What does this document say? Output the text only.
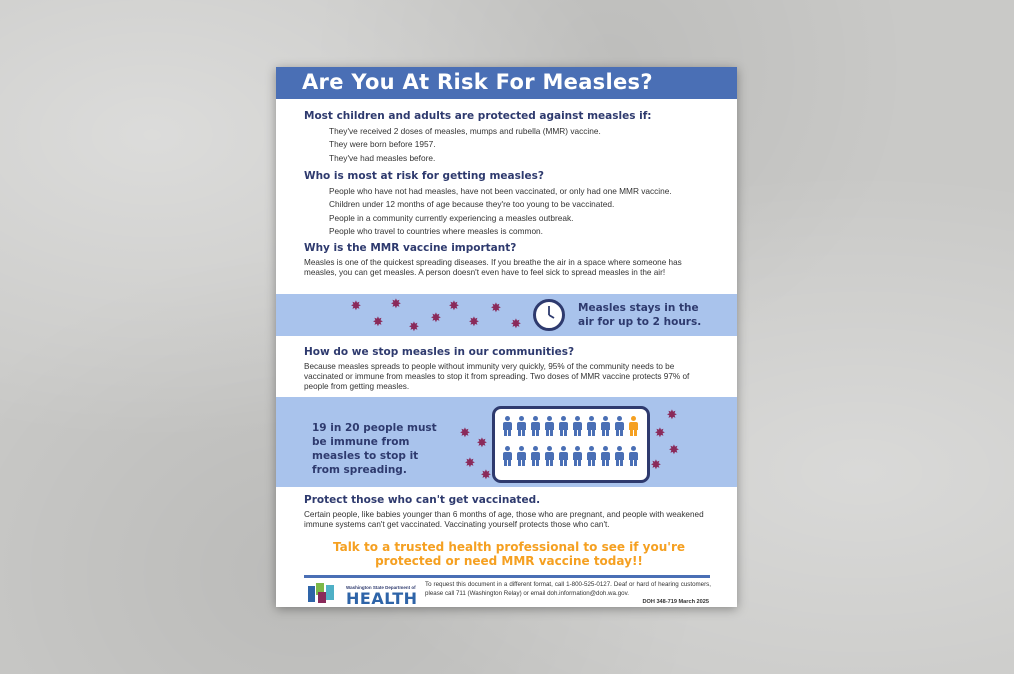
Are You At Risk For Measles?

Most children and adults are protected against measles if:

They've received 2 doses of measles, mumps and rubella (MMR) vaccine.
They were born before 1957.
They've had measles before.

Who is most at risk for getting measles?

People who have not had measles, have not been vaccinated, or only had one MMR vaccine.
Children under 12 months of age because they're too young to be vaccinated.
People in a community currently experiencing a measles outbreak.
People who travel to countries where measles is common.

Why is the MMR vaccine important?

Measles is one of the quickest spreading diseases. If you breathe the air in a space where someone has measles, you can get measles. A person doesn't even have to feel sick to spread measles in the air!

✸
✸
✸
✸
✸
✸
✸
✸
✸
Measles stays in the air for up to 2 hours.

How do we stop measles in our communities?

Because measles spreads to people without immunity very quickly, 95% of the community needs to be vaccinated or immune from measles to stop it from spreading. Two doses of MMR vaccine protects 97% of people from getting measles.

19 in 20 people must be immune from measles to stop it from spreading.
✸
✸
✸
✸
✸
✸
✸
✸

Protect those who can't get vaccinated.

Certain people, like babies younger than 6 months of age, those who are pregnant, and people with weakened immune systems can't get vaccinated. Vaccinating yourself protects those who can't.

Talk to a trusted health professional to see if you're protected or need MMR vaccine today!!
Washington State Department of
HEALTH
To request this document in a different format, call 1-800-525-0127. Deaf or hard of hearing customers, please call 711 (Washington Relay) or email doh.information@doh.wa.gov.
DOH 348-719 March 2025
